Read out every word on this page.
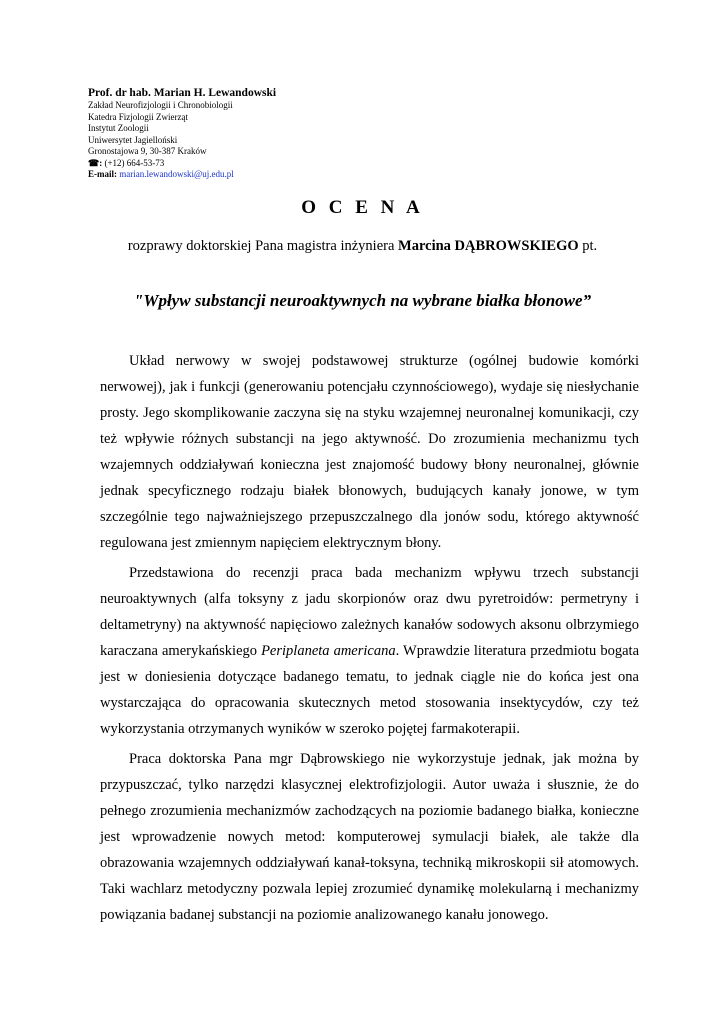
Prof. dr hab. Marian H. Lewandowski

Zakład Neurofizjologii i Chronobiologii

Katedra Fizjologii Zwierząt

Instytut Zoologii

Uniwersytet Jagielloński

Gronostajowa 9, 30-387 Kraków

☎: (+12) 664-53-73

E-mail: marian.lewandowski@uj.edu.pl

O C E N A
rozprawy doktorskiej Pana magistra inżyniera Marcina DĄBROWSKIEGO pt.
"Wpływ substancji neuroaktywnych na wybrane białka błonowe”

Układ nerwowy w swojej podstawowej strukturze (ogólnej budowie komórki nerwowej), jak i funkcji (generowaniu potencjału czynnościowego), wydaje się niesłychanie prosty. Jego skomplikowanie zaczyna się na styku wzajemnej neuronalnej komunikacji, czy też wpływie różnych substancji na jego aktywność. Do zrozumienia mechanizmu tych wzajemnych oddziaływań konieczna jest znajomość budowy błony neuronalnej, głównie jednak specyficznego rodzaju białek błonowych, budujących kanały jonowe, w tym szczególnie tego najważniejszego przepuszczalnego dla jonów sodu, którego aktywność regulowana jest zmiennym napięciem elektrycznym błony.

Przedstawiona do recenzji praca bada mechanizm wpływu trzech substancji neuroaktywnych (alfa toksyny z jadu skorpionów oraz dwu pyretroidów: permetryny i deltametryny) na aktywność napięciowo zależnych kanałów sodowych aksonu olbrzymiego karaczana amerykańskiego Periplaneta americana. Wprawdzie literatura przedmiotu bogata jest w doniesienia dotyczące badanego tematu, to jednak ciągle nie do końca jest ona wystarczająca do opracowania skutecznych metod stosowania insektycydów, czy też wykorzystania otrzymanych wyników w szeroko pojętej farmakoterapii.

Praca doktorska Pana mgr Dąbrowskiego nie wykorzystuje jednak, jak można by przypuszczać, tylko narzędzi klasycznej elektrofizjologii. Autor uważa i słusznie, że do pełnego zrozumienia mechanizmów zachodzących na poziomie badanego białka, konieczne jest wprowadzenie nowych metod: komputerowej symulacji białek, ale także dla obrazowania wzajemnych oddziaływań kanał-toksyna, techniką mikroskopii sił atomowych. Taki wachlarz metodyczny pozwala lepiej zrozumieć dynamikę molekularną i mechanizmy powiązania badanej substancji na poziomie analizowanego kanału jonowego.
